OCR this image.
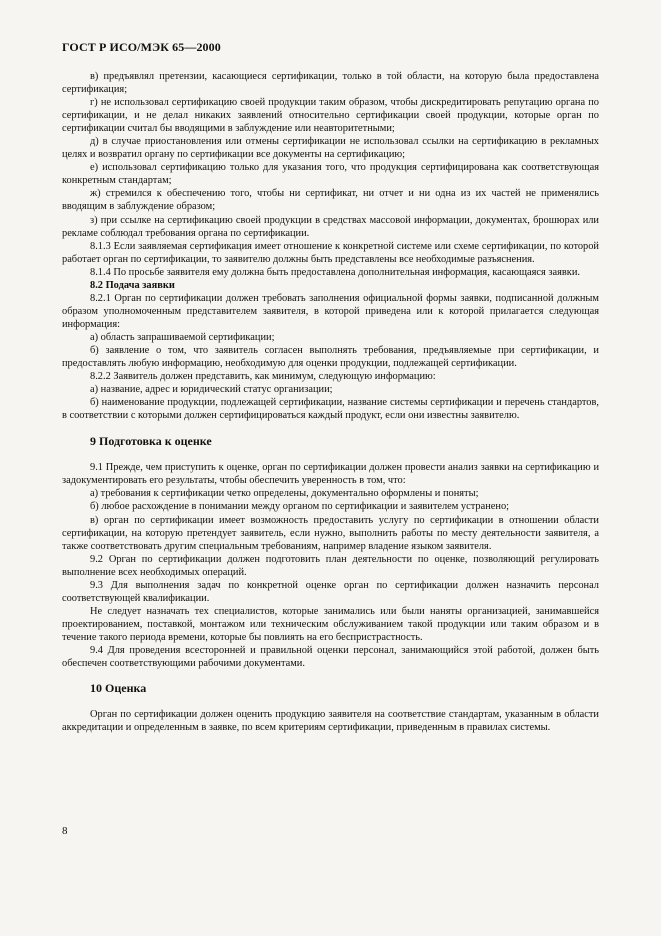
ГОСТ Р ИСО/МЭК 65—2000

в) предъявлял претензии, касающиеся сертификации, только в той области, на которую была предоставлена сертификация;

г) не использовал сертификацию своей продукции таким образом, чтобы дискредитировать репутацию органа по сертификации, и не делал никаких заявлений относительно сертификации своей продукции, которые орган по сертификации считал бы вводящими в заблуждение или неавторитетными;

д) в случае приостановления или отмены сертификации не использовал ссылки на сертификацию в рекламных целях и возвратил органу по сертификации все документы на сертификацию;

е) использовал сертификацию только для указания того, что продукция сертифицирована как соответствующая конкретным стандартам;

ж) стремился к обеспечению того, чтобы ни сертификат, ни отчет и ни одна из их частей не применялись вводящим в заблуждение образом;

з) при ссылке на сертификацию своей продукции в средствах массовой информации, документах, брошюрах или рекламе соблюдал требования органа по сертификации.

8.1.3 Если заявляемая сертификация имеет отношение к конкретной системе или схеме сертификации, по которой работает орган по сертификации, то заявителю должны быть представлены все необходимые разъяснения.

8.1.4 По просьбе заявителя ему должна быть предоставлена дополнительная информация, касающаяся заявки.

8.2 Подача заявки

8.2.1 Орган по сертификации должен требовать заполнения официальной формы заявки, подписанной должным образом уполномоченным представителем заявителя, в которой приведена или к которой прилагается следующая информация:

а) область запрашиваемой сертификации;

б) заявление о том, что заявитель согласен выполнять требования, предъявляемые при сертификации, и предоставлять любую информацию, необходимую для оценки продукции, подлежащей сертификации.

8.2.2 Заявитель должен представить, как минимум, следующую информацию:

а) название, адрес и юридический статус организации;

б) наименование продукции, подлежащей сертификации, название системы сертификации и перечень стандартов, в соответствии с которыми должен сертифицироваться каждый продукт, если они известны заявителю.

9 Подготовка к оценке

9.1 Прежде, чем приступить к оценке, орган по сертификации должен провести анализ заявки на сертификацию и задокументировать его результаты, чтобы обеспечить уверенность в том, что:

а) требования к сертификации четко определены, документально оформлены и поняты;

б) любое расхождение в понимании между органом по сертификации и заявителем устранено;

в) орган по сертификации имеет возможность предоставить услугу по сертификации в отношении области сертификации, на которую претендует заявитель, если нужно, выполнить работы по месту деятельности заявителя, а также соответствовать другим специальным требованиям, например владение языком заявителя.

9.2 Орган по сертификации должен подготовить план деятельности по оценке, позволяющий регулировать выполнение всех необходимых операций.

9.3 Для выполнения задач по конкретной оценке орган по сертификации должен назначить персонал соответствующей квалификации.

Не следует назначать тех специалистов, которые занимались или были наняты организацией, занимавшейся проектированием, поставкой, монтажом или техническим обслуживанием такой продукции или таким образом и в течение такого периода времени, которые бы повлиять на его беспристрастность.

9.4 Для проведения всесторонней и правильной оценки персонал, занимающийся этой работой, должен быть обеспечен соответствующими рабочими документами.

10 Оценка

Орган по сертификации должен оценить продукцию заявителя на соответствие стандартам, указанным в области аккредитации и определенным в заявке, по всем критериям сертификации, приведенным в правилах системы.

8
